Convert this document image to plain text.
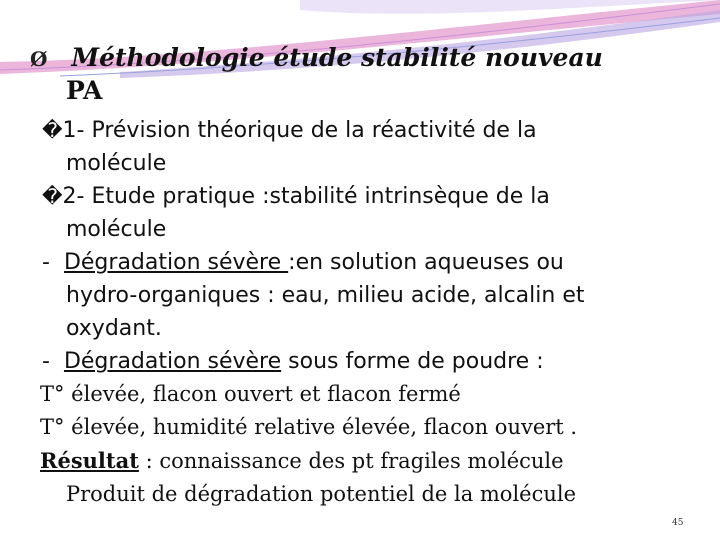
Ø Méthodologie étude stabilité nouveau
PA
�1- Prévision théorique de la réactivité de la
molécule
�2- Etude pratique :stabilité intrinsèque de la
molécule
- Dégradation sévère :en solution aqueuses ou
hydro-organiques : eau, milieu acide, alcalin et
oxydant.
- Dégradation sévère sous forme de poudre :
T° élevée, flacon ouvert et flacon fermé
T° élevée, humidité relative élevée, flacon ouvert .
Résultat : connaissance des pt fragiles molécule
Produit de dégradation potentiel de la molécule
45
